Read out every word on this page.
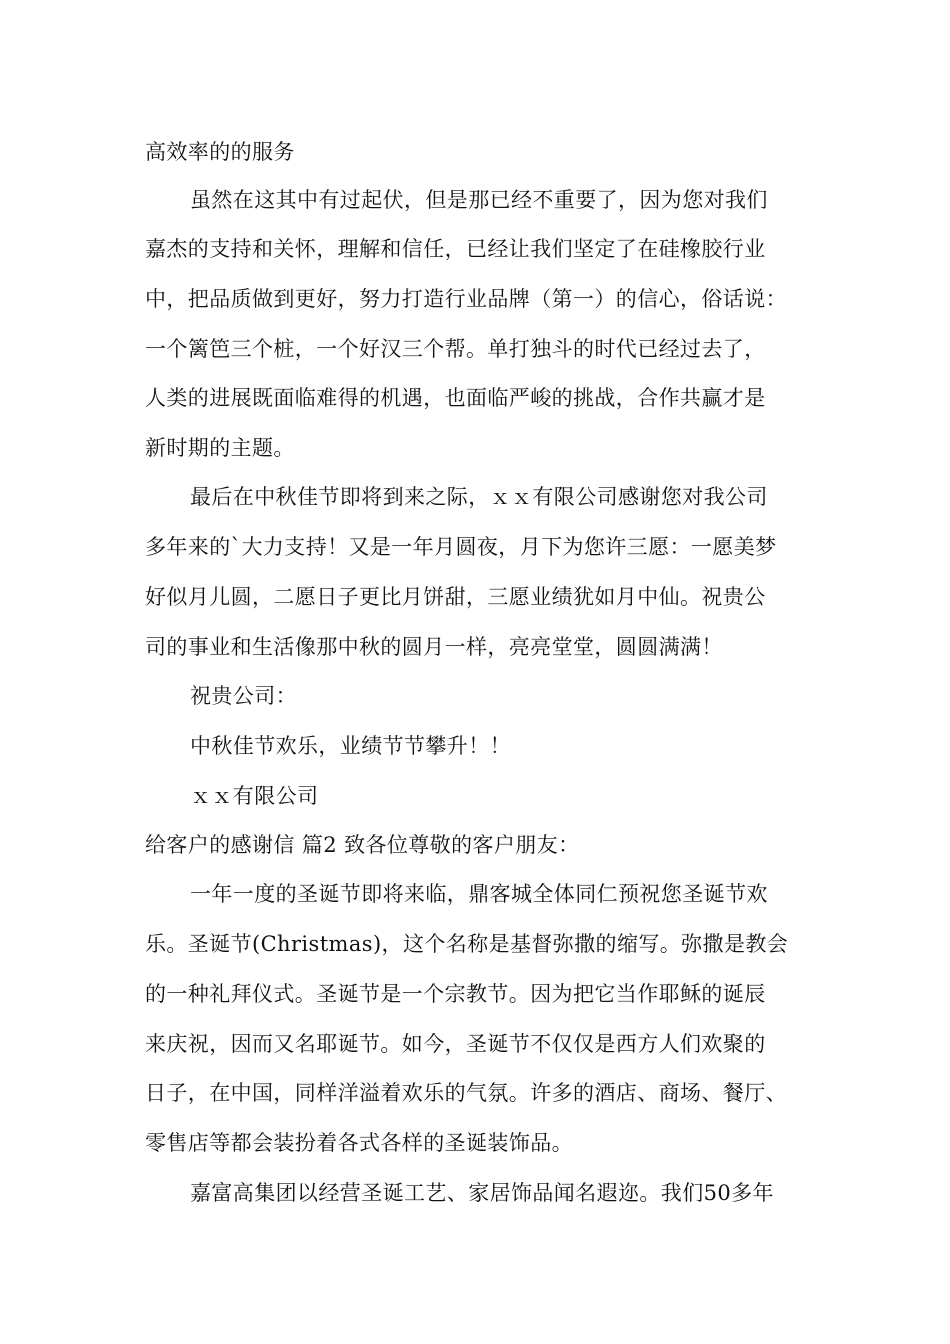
高效率的的服务
虽然在这其中有过起伏，但是那已经不重要了，因为您对我们
嘉杰的支持和关怀，理解和信任，已经让我们坚定了在硅橡胶行业
中，把品质做到更好，努力打造行业品牌（第一）的信心，俗话说：
一个篱笆三个桩，一个好汉三个帮。单打独斗的时代已经过去了，
人类的进展既面临难得的机遇，也面临严峻的挑战，合作共赢才是
新时期的主题。
最后在中秋佳节即将到来之际，ｘｘ有限公司感谢您对我公司
多年来的`大力支持！又是一年月圆夜，月下为您许三愿：一愿美梦
好似月儿圆，二愿日子更比月饼甜，三愿业绩犹如月中仙。祝贵公
司的事业和生活像那中秋的圆月一样，亮亮堂堂，圆圆满满！
祝贵公司：
中秋佳节欢乐，业绩节节攀升！！
ｘｘ有限公司
给客户的感谢信 篇2 致各位尊敬的客户朋友：
一年一度的圣诞节即将来临，鼎客城全体同仁预祝您圣诞节欢
乐。圣诞节(Christmas)，这个名称是基督弥撒的缩写。弥撒是教会
的一种礼拜仪式。圣诞节是一个宗教节。因为把它当作耶稣的诞辰
来庆祝，因而又名耶诞节。如今，圣诞节不仅仅是西方人们欢聚的
日子，在中国，同样洋溢着欢乐的气氛。许多的酒店、商场、餐厅、
零售店等都会装扮着各式各样的圣诞装饰品。
嘉富高集团以经营圣诞工艺、家居饰品闻名遐迩。我们50多年
